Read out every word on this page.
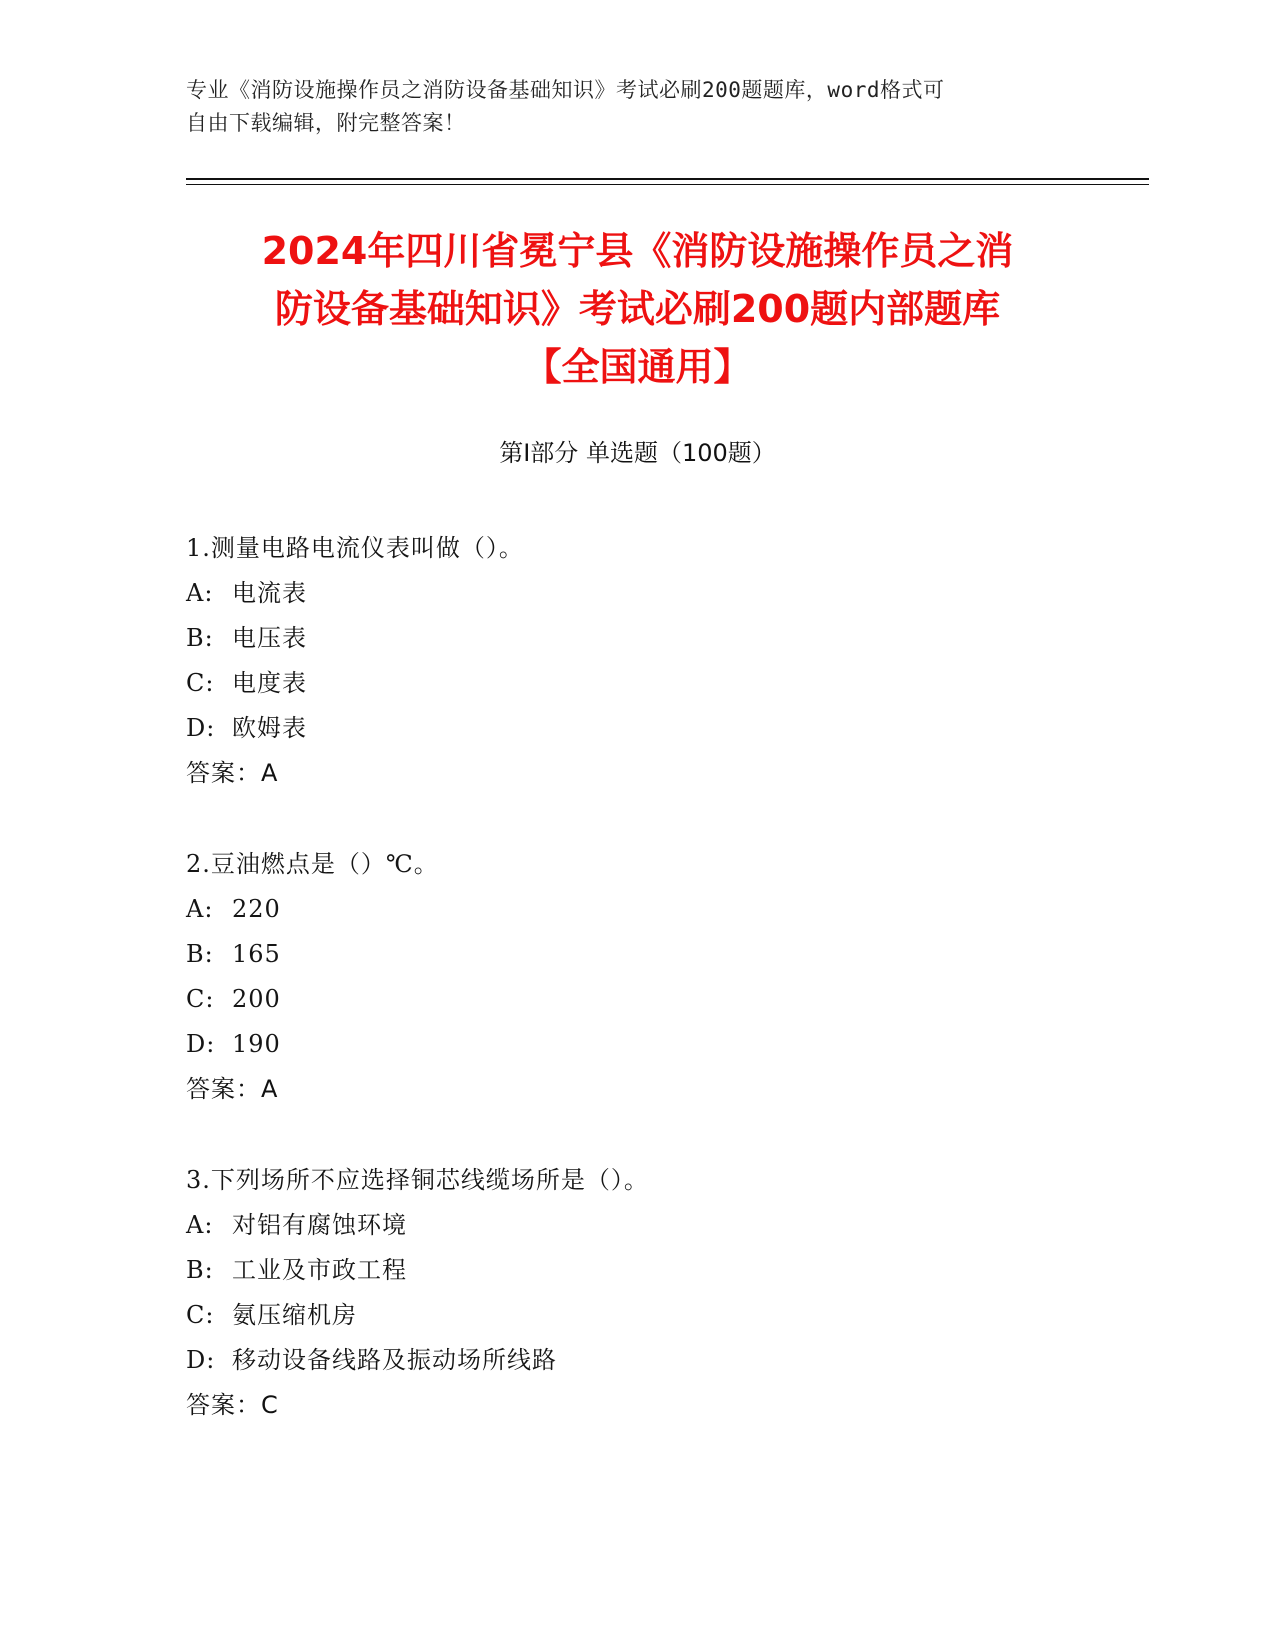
专业《消防设施操作员之消防设备基础知识》考试必刷200题题库，word格式可
自由下载编辑，附完整答案！
2024年四川省冕宁县《消防设施操作员之消
防设备基础知识》考试必刷200题内部题库
【全国通用】
第Ⅰ部分 单选题（100题）
1.测量电路电流仪表叫做（）。
A: 电流表
B: 电压表
C: 电度表
D: 欧姆表
答案：A
2.豆油燃点是（）℃。
A: 220
B: 165
C: 200
D: 190
答案：A
3.下列场所不应选择铜芯线缆场所是（）。
A: 对铝有腐蚀环境
B: 工业及市政工程
C: 氨压缩机房
D: 移动设备线路及振动场所线路
答案：C
